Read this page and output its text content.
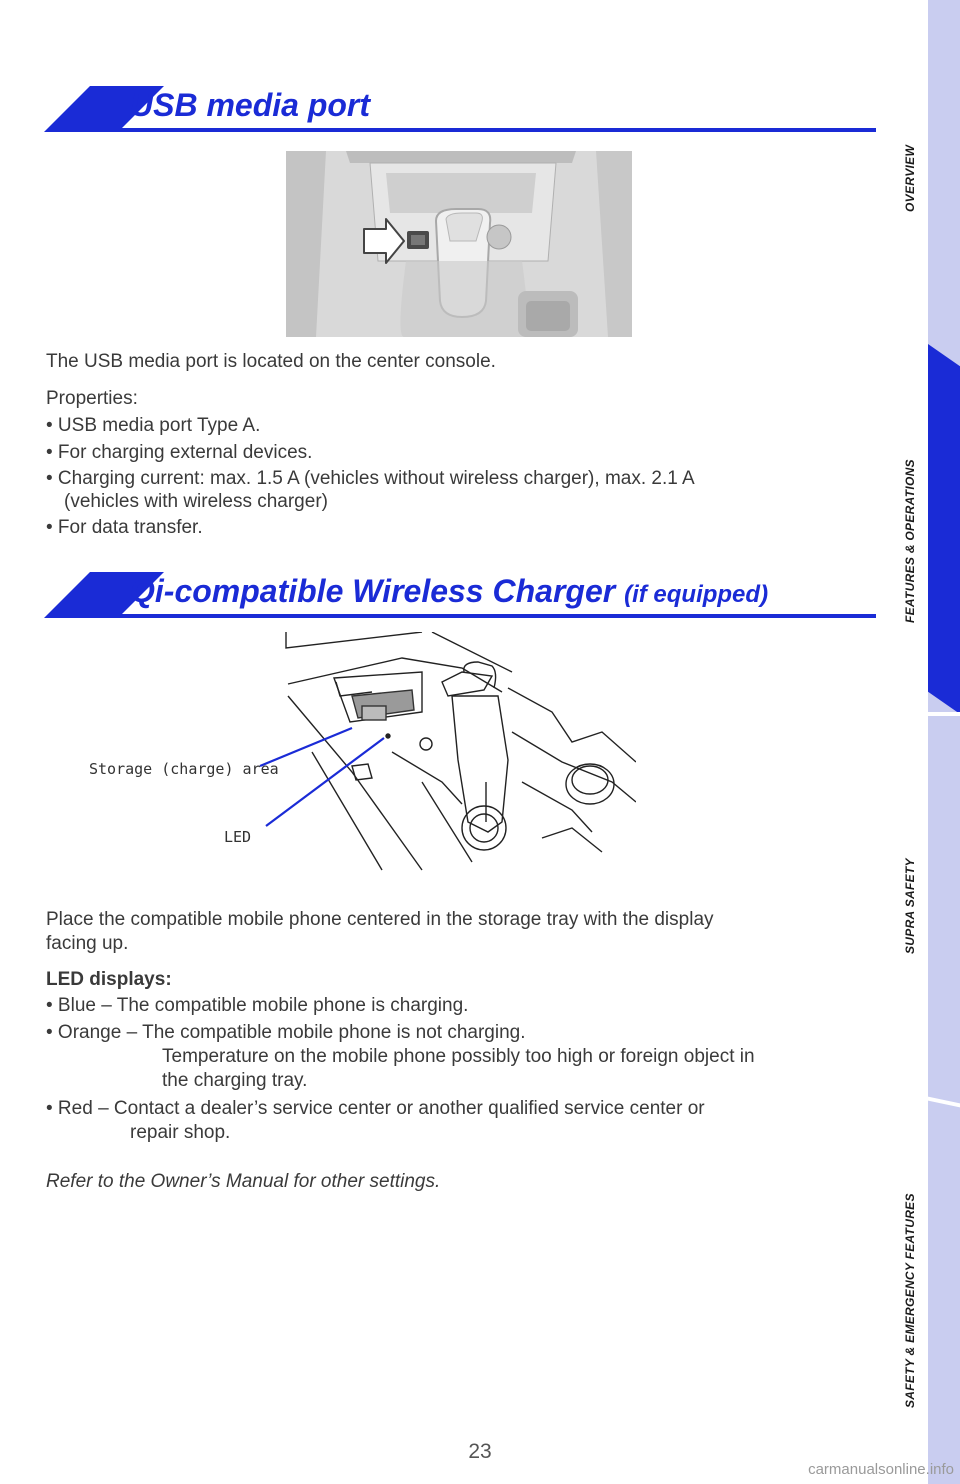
USB media port
The USB media port is located on the center console.
Properties:
• USB media port Type A.
• For charging external devices.
• Charging current: max. 1.5 A (vehicles without wireless charger), max. 2.1 A
(vehicles with wireless charger)
• For data transfer.
Qi-compatible Wireless Charger (if equipped)
Storage (charge) area
LED
Place the compatible mobile phone centered in the storage tray with the display
facing up.
LED displays:
• Blue – The compatible mobile phone is charging.
• Orange – The compatible mobile phone is not charging.
Temperature on the mobile phone possibly too high or foreign object in
the charging tray.
• Red – Contact a dealer’s service center or another qualified service center or
repair shop.
Refer to the Owner’s Manual for other settings.
OVERVIEW
FEATURES & OPERATIONS
SUPRA SAFETY
SAFETY & EMERGENCY FEATURES
23
carmanualsonline.info
